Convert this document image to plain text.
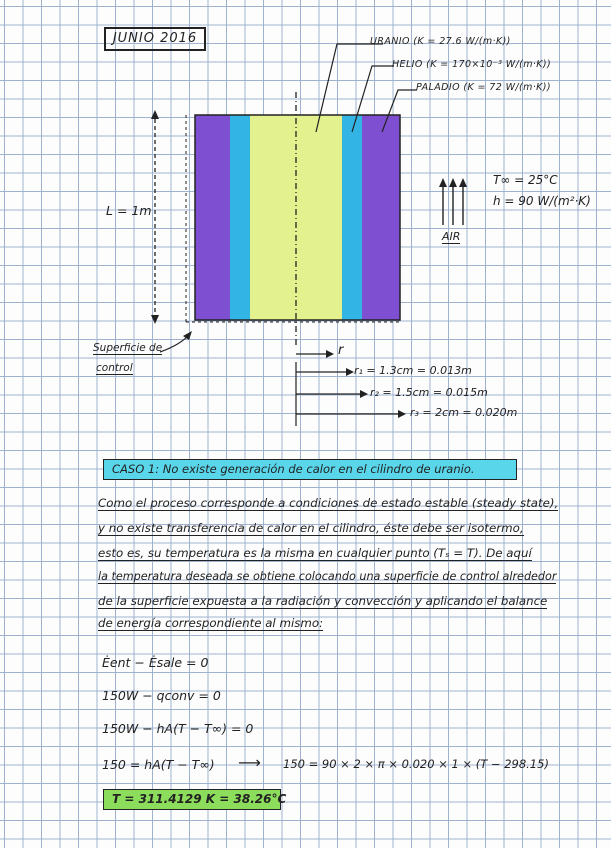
JUNIO 2016	URANIO (K = 27.6 W/(m·K))
HELIO (K = 170×10⁻³ W/(m·K))
PALADIO (K = 72 W/(m·K))
L = 1m
T∞ = 25°C
h = 90 W/(m²·K)
AIR
Superficie de
control
r
r₁ = 1.3cm = 0.013m
r₂ = 1.5cm = 0.015m
r₃ = 2cm = 0.020m
CASO 1: No existe generación de calor en el cilindro de uranio.
Como el proceso corresponde a condiciones de estado estable (steady state),
y no existe transferencia de calor en el cilindro, éste debe ser isotermo,
esto es, su temperatura es la misma en cualquier punto (Tₛ = T). De aquí
la temperatura deseada se obtiene colocando una superficie de control alrededor
de la superficie expuesta a la radiación y convección y aplicando el balance
de energía correspondiente al mismo:
Ėent − Ėsale = 0
150W − qconv = 0
150W − hA(T − T∞) = 0
150 = hA(T − T∞) ⟶ 150 = 90 × 2 × π × 0.020 × 1 × (T − 298.15)
T = 311.4129 K = 38.26°C
